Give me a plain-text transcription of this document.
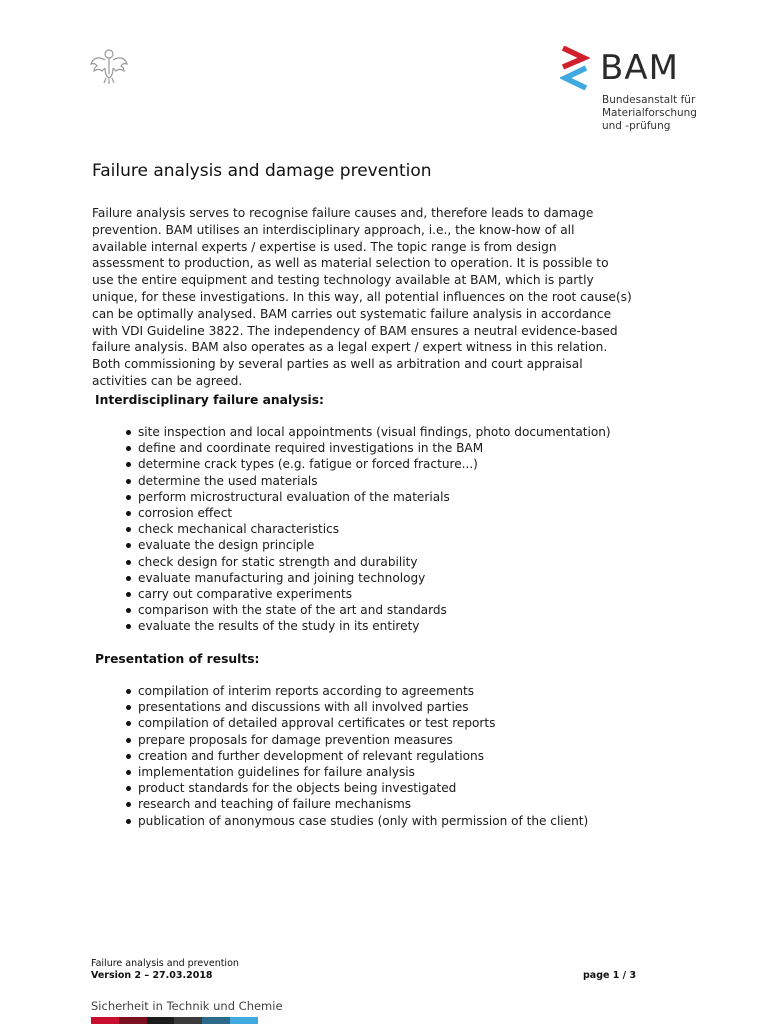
BAM
Bundesanstalt für
Materialforschung
und -prüfung
Failure analysis and damage prevention

Failure analysis serves to recognise failure causes and, therefore leads to damage prevention. BAM utilises an interdisciplinary approach, i.e., the know-how of all available internal experts / expertise is used. The topic range is from design assessment to production, as well as material selection to operation. It is possible to use the entire equipment and testing technology available at BAM, which is partly unique, for these investigations. In this way, all potential influences on the root cause(s) can be optimally analysed. BAM carries out systematic failure analysis in accordance with VDI Guideline 3822. The independency of BAM ensures a neutral evidence-based failure analysis. BAM also operates as a legal expert / expert witness in this relation. Both commissioning by several parties as well as arbitration and court appraisal activities can be agreed.

Interdisciplinary failure analysis:
site inspection and local appointments (visual findings, photo documentation)
define and coordinate required investigations in the BAM
determine crack types (e.g. fatigue or forced fracture...)
determine the used materials
perform microstructural evaluation of the materials
corrosion effect
check mechanical characteristics
evaluate the design principle
check design for static strength and durability
evaluate manufacturing and joining technology
carry out comparative experiments
comparison with the state of the art and standards
evaluate the results of the study in its entirety
Presentation of results:
compilation of interim reports according to agreements
presentations and discussions with all involved parties
compilation of detailed approval certificates or test reports
prepare proposals for damage prevention measures
creation and further development of relevant regulations
implementation guidelines for failure analysis
product standards for the objects being investigated
research and teaching of failure mechanisms
publication of anonymous case studies (only with permission of the client)
Failure analysis and prevention
Version 2 – 27.03.2018	page 1 / 3
Sicherheit in Technik und Chemie
